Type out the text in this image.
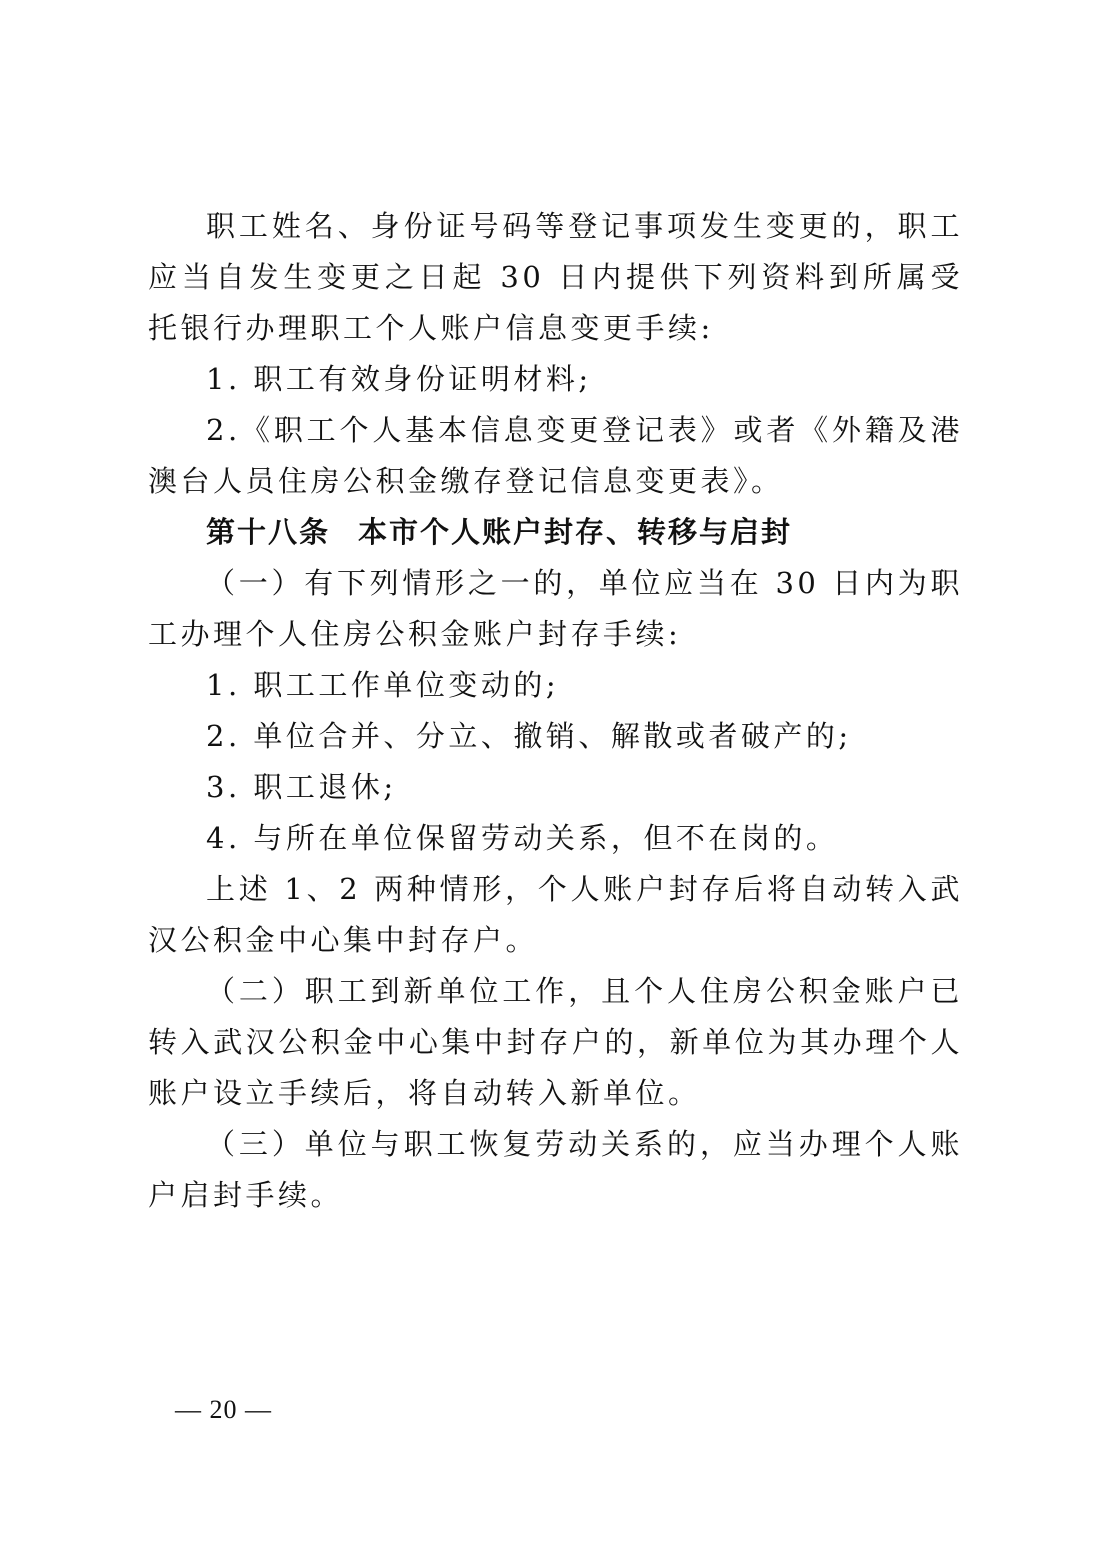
职工姓名、身份证号码等登记事项发生变更的，职工应当自发生变更之日起 30 日内提供下列资料到所属受托银行办理职工个人账户信息变更手续:

1. 职工有效身份证明材料;

2.《职工个人基本信息变更登记表》或者《外籍及港澳台人员住房公积金缴存登记信息变更表》。

第十八条 本市个人账户封存、转移与启封

（一）有下列情形之一的，单位应当在 30 日内为职工办理个人住房公积金账户封存手续:

1. 职工工作单位变动的;

2. 单位合并、分立、撤销、解散或者破产的;

3. 职工退休;

4. 与所在单位保留劳动关系，但不在岗的。

上述 1、2 两种情形，个人账户封存后将自动转入武汉公积金中心集中封存户。

（二）职工到新单位工作，且个人住房公积金账户已转入武汉公积金中心集中封存户的，新单位为其办理个人账户设立手续后，将自动转入新单位。

（三）单位与职工恢复劳动关系的，应当办理个人账户启封手续。

— 20 —
